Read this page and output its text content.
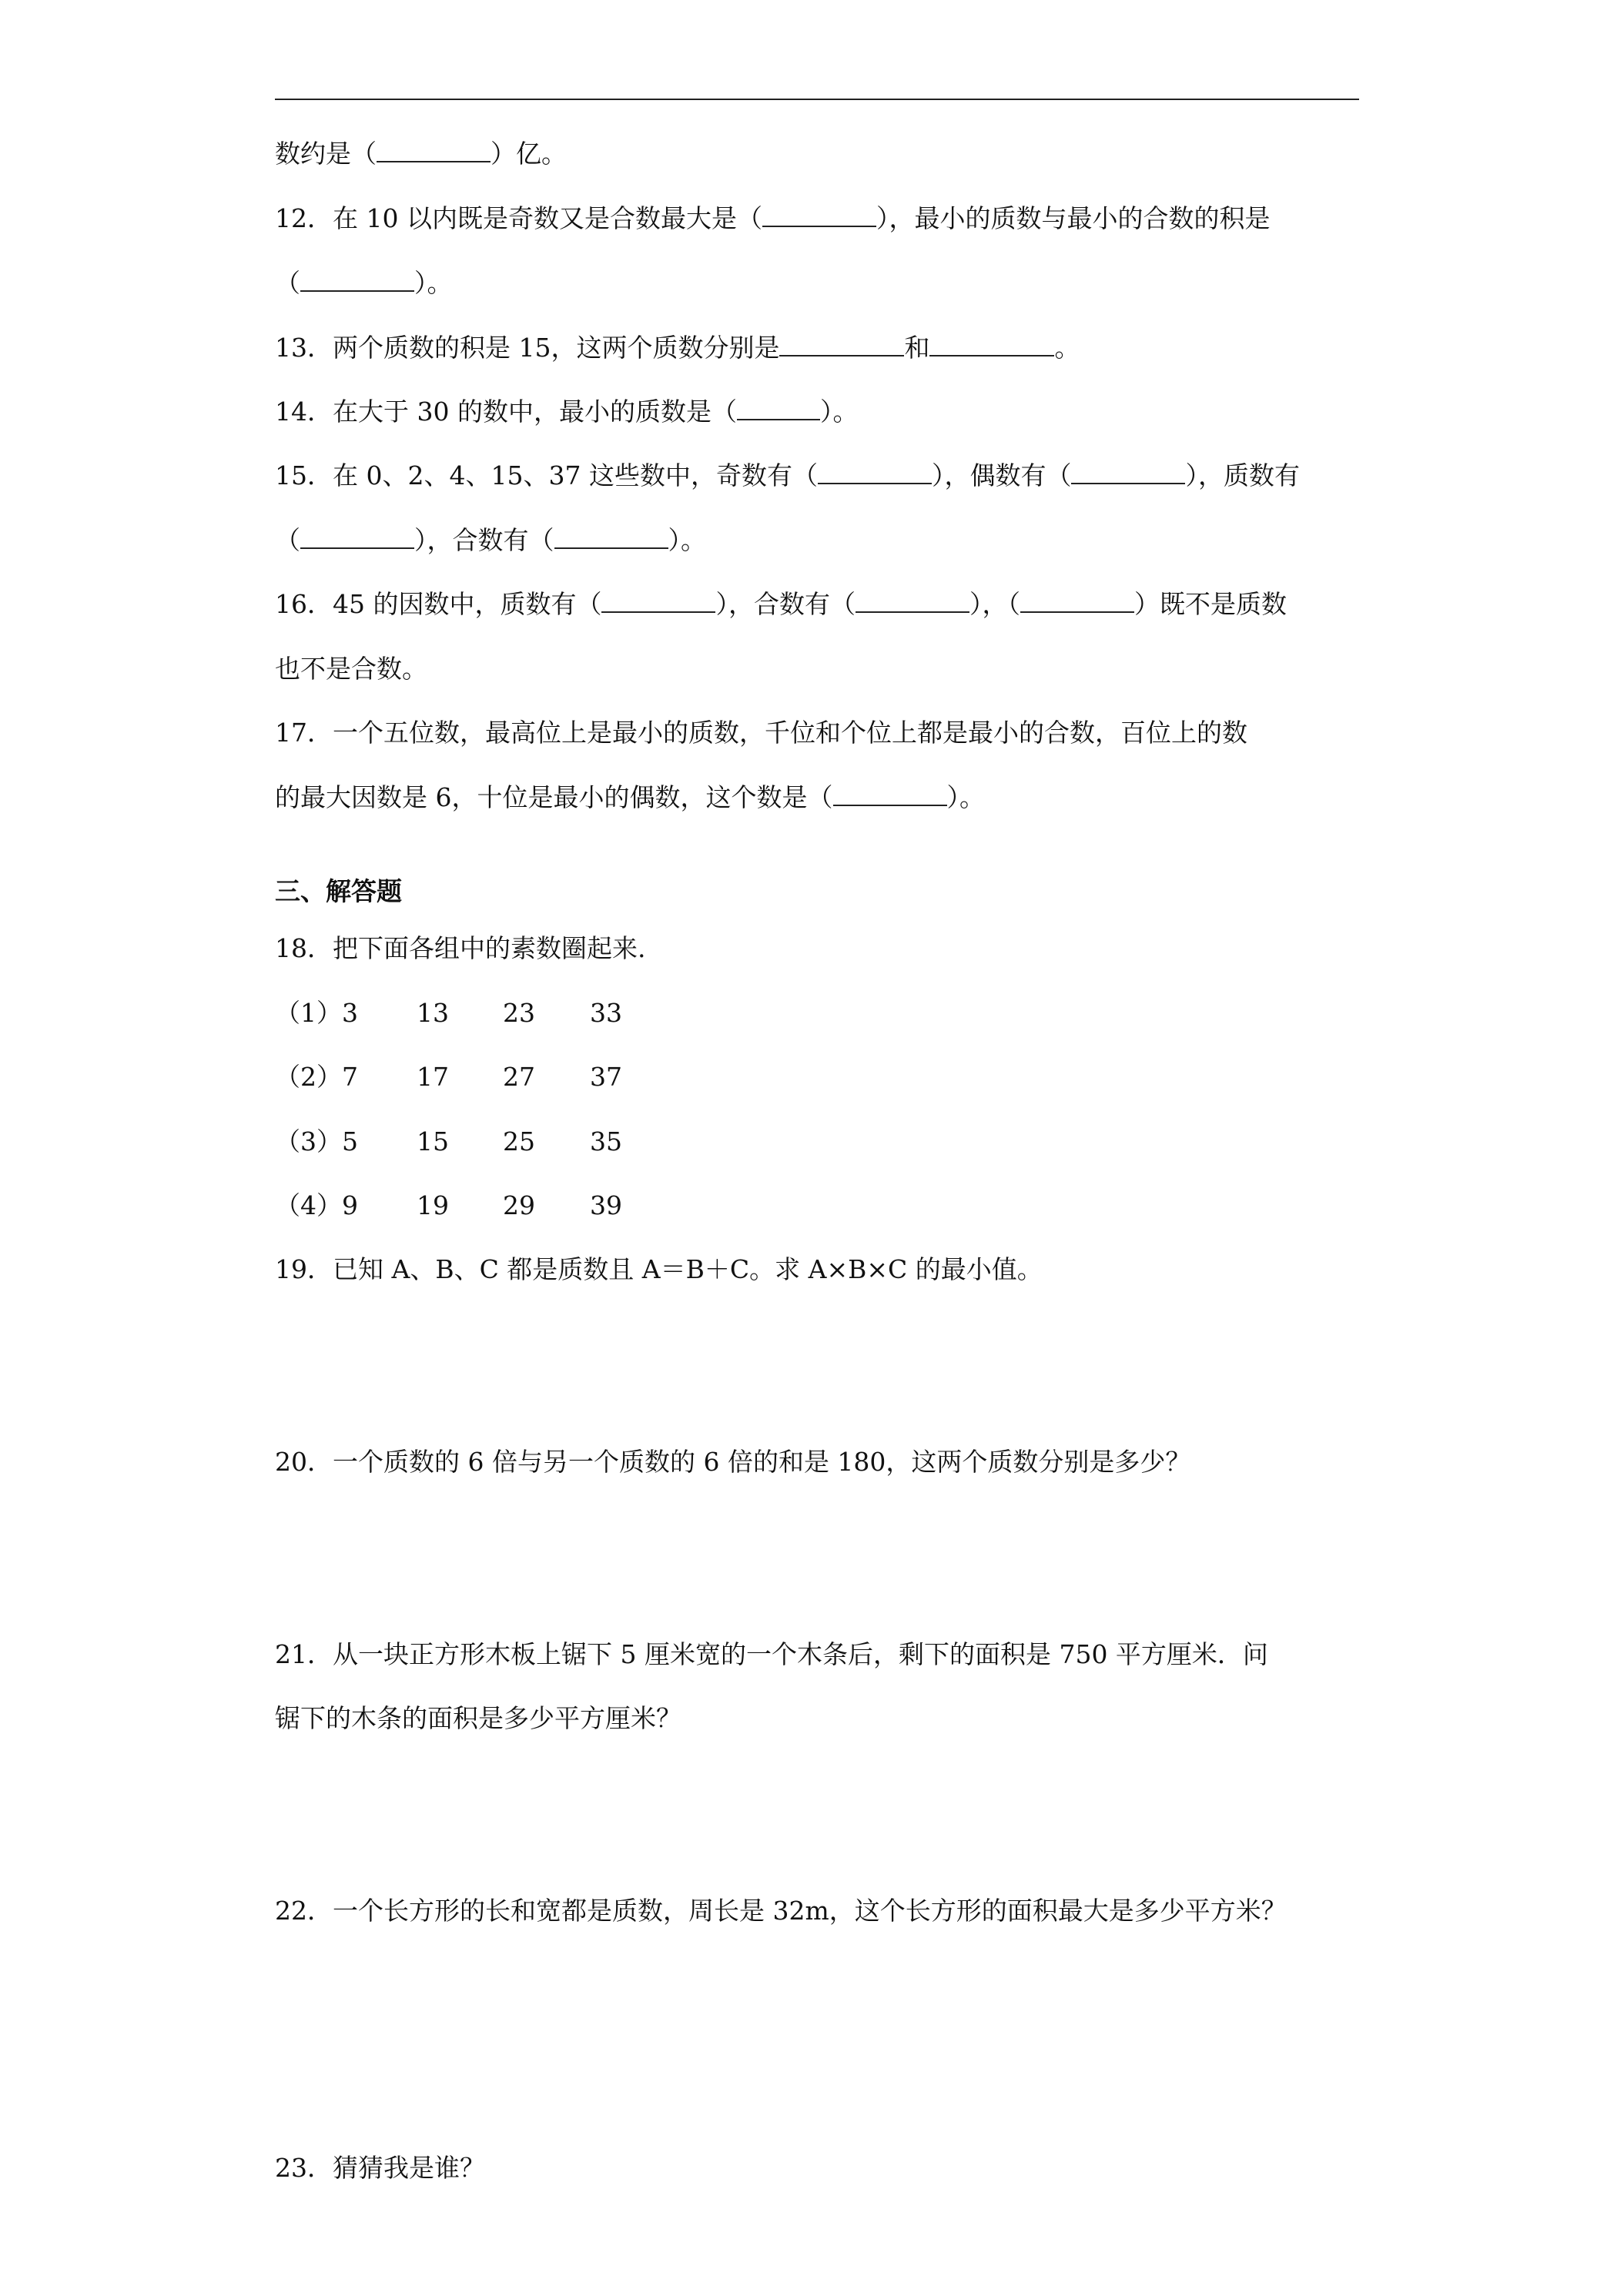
数约是（	）亿。
12．在 10 以内既是奇数又是合数最大是（	），最小的质数与最小的合数的积是
（	）。
13．两个质数的积是 15，这两个质数分别是	和	。
14．在大于 30 的数中，最小的质数是（	）。
15．在 0、2、4、15、37 这些数中，奇数有（	），偶数有（	），质数有
（	），合数有（	）。
16．45 的因数中，质数有（	），合数有（	），（	）既不是质数
也不是合数。
17．一个五位数，最高位上是最小的质数，千位和个位上都是最小的合数，百位上的数
的最大因数是 6，十位是最小的偶数，这个数是（	）。
三、解答题
18．把下面各组中的素数圈起来.
（1）3 13 23 33
（2）7 17 27 37
（3）5 15 25 35
（4）9 19 29 39
19．已知 A、B、C 都是质数且 A＝B＋C。求 A×B×C 的最小值。
20．一个质数的 6 倍与另一个质数的 6 倍的和是 180，这两个质数分别是多少？
21．从一块正方形木板上锯下 5 厘米宽的一个木条后，剩下的面积是 750 平方厘米．问
锯下的木条的面积是多少平方厘米？
22．一个长方形的长和宽都是质数，周长是 32m，这个长方形的面积最大是多少平方米？
23．猜猜我是谁？
